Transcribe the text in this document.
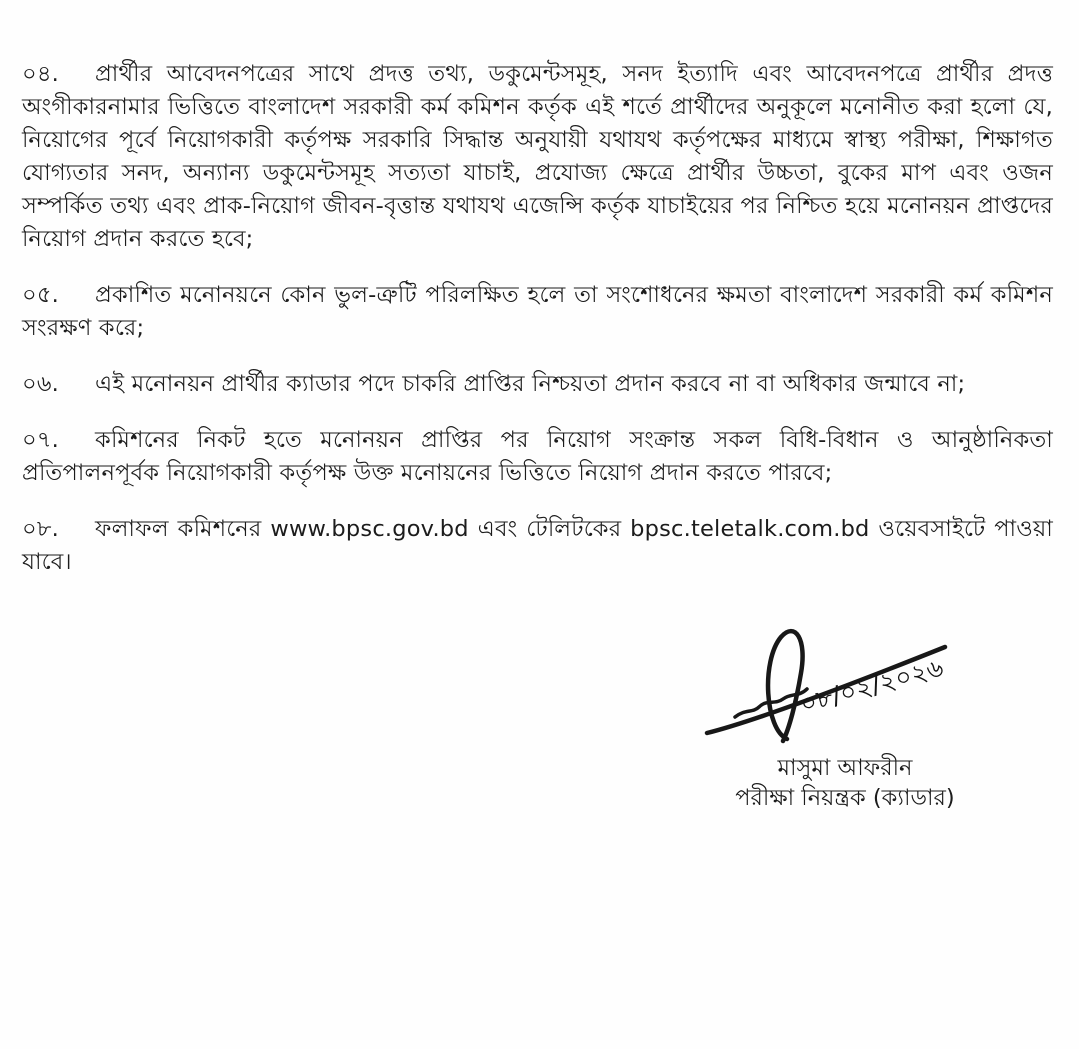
০৪. প্রার্থীর আবেদনপত্রের সাথে প্রদত্ত তথ্য, ডকুমেন্টসমূহ, সনদ ইত্যাদি এবং আবেদনপত্রে প্রার্থীর প্রদত্ত অংগীকারনামার ভিত্তিতে বাংলাদেশ সরকারী কর্ম কমিশন কর্তৃক এই শর্তে প্রার্থীদের অনুকূলে মনোনীত করা হলো যে, নিয়োগের পূর্বে নিয়োগকারী কর্তৃপক্ষ সরকারি সিদ্ধান্ত অনুযায়ী যথাযথ কর্তৃপক্ষের মাধ্যমে স্বাস্থ্য পরীক্ষা, শিক্ষাগত যোগ্যতার সনদ, অন্যান্য ডকুমেন্টসমূহ সত্যতা যাচাই, প্রযোজ্য ক্ষেত্রে প্রার্থীর উচ্চতা, বুকের মাপ এবং ওজন সম্পর্কিত তথ্য এবং প্রাক-নিয়োগ জীবন-বৃত্তান্ত যথাযথ এজেন্সি কর্তৃক যাচাইয়ের পর নিশ্চিত হয়ে মনোনয়ন প্রাপ্তদের নিয়োগ প্রদান করতে হবে;

০৫. প্রকাশিত মনোনয়নে কোন ভুল-ত্রুটি পরিলক্ষিত হলে তা সংশোধনের ক্ষমতা বাংলাদেশ সরকারী কর্ম কমিশন সংরক্ষণ করে;

০৬. এই মনোনয়ন প্রার্থীর ক্যাডার পদে চাকরি প্রাপ্তির নিশ্চয়তা প্রদান করবে না বা অধিকার জন্মাবে না;

০৭. কমিশনের নিকট হতে মনোনয়ন প্রাপ্তির পর নিয়োগ সংক্রান্ত সকল বিধি-বিধান ও আনুষ্ঠানিকতা প্রতিপালনপূর্বক নিয়োগকারী কর্তৃপক্ষ উক্ত মনোয়নের ভিত্তিতে নিয়োগ প্রদান করতে পারবে;

০৮. ফলাফল কমিশনের www.bpsc.gov.bd এবং টেলিটকের bpsc.teletalk.com.bd ওয়েবসাইটে পাওয়া যাবে।

০৮/০২/২০২৬
মাসুমা আফরীন
পরীক্ষা নিয়ন্ত্রক (ক্যাডার)
